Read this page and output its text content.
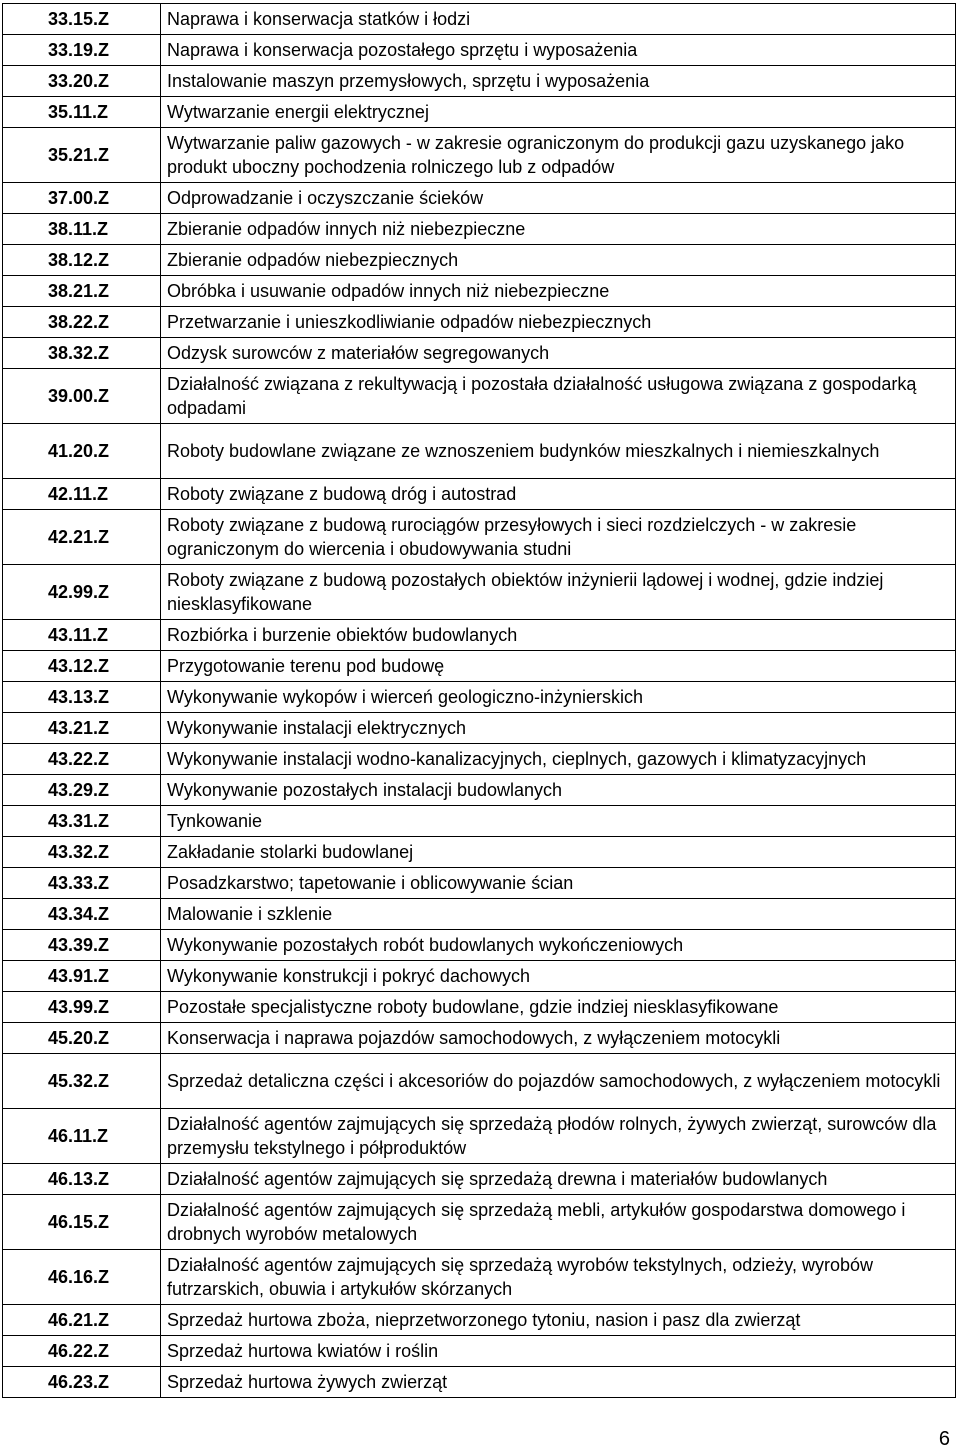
33.15.Z	Naprawa i konserwacja statków i łodzi
33.19.Z	Naprawa i konserwacja pozostałego sprzętu i wyposażenia
33.20.Z	Instalowanie maszyn przemysłowych, sprzętu i wyposażenia
35.11.Z	Wytwarzanie energii elektrycznej
35.21.Z	Wytwarzanie paliw gazowych - w zakresie ograniczonym do produkcji gazu uzyskanego jako produkt uboczny pochodzenia rolniczego lub z odpadów
37.00.Z	Odprowadzanie i oczyszczanie ścieków
38.11.Z	Zbieranie odpadów innych niż niebezpieczne
38.12.Z	Zbieranie odpadów niebezpiecznych
38.21.Z	Obróbka i usuwanie odpadów innych niż niebezpieczne
38.22.Z	Przetwarzanie i unieszkodliwianie odpadów niebezpiecznych
38.32.Z	Odzysk surowców z materiałów segregowanych
39.00.Z	Działalność związana z rekultywacją i pozostała działalność usługowa związana z gospodarką odpadami
41.20.Z	Roboty budowlane związane ze wznoszeniem budynków mieszkalnych i niemieszkalnych
42.11.Z	Roboty związane z budową dróg i autostrad
42.21.Z	Roboty związane z budową rurociągów przesyłowych i sieci rozdzielczych - w zakresie ograniczonym do wiercenia i obudowywania studni
42.99.Z	Roboty związane z budową pozostałych obiektów inżynierii lądowej i wodnej, gdzie indziej niesklasyfikowane
43.11.Z	Rozbiórka i burzenie obiektów budowlanych
43.12.Z	Przygotowanie terenu pod budowę
43.13.Z	Wykonywanie wykopów i wierceń geologiczno-inżynierskich
43.21.Z	Wykonywanie instalacji elektrycznych
43.22.Z	Wykonywanie instalacji wodno-kanalizacyjnych, cieplnych, gazowych i klimatyzacyjnych
43.29.Z	Wykonywanie pozostałych instalacji budowlanych
43.31.Z	Tynkowanie
43.32.Z	Zakładanie stolarki budowlanej
43.33.Z	Posadzkarstwo; tapetowanie i oblicowywanie ścian
43.34.Z	Malowanie i szklenie
43.39.Z	Wykonywanie pozostałych robót budowlanych wykończeniowych
43.91.Z	Wykonywanie konstrukcji i pokryć dachowych
43.99.Z	Pozostałe specjalistyczne roboty budowlane, gdzie indziej niesklasyfikowane
45.20.Z	Konserwacja i naprawa pojazdów samochodowych, z wyłączeniem motocykli
45.32.Z	Sprzedaż detaliczna części i akcesoriów do pojazdów samochodowych, z wyłączeniem motocykli
46.11.Z	Działalność agentów zajmujących się sprzedażą płodów rolnych, żywych zwierząt, surowców dla przemysłu tekstylnego i półproduktów
46.13.Z	Działalność agentów zajmujących się sprzedażą drewna i materiałów budowlanych
46.15.Z	Działalność agentów zajmujących się sprzedażą mebli, artykułów gospodarstwa domowego i drobnych wyrobów metalowych
46.16.Z	Działalność agentów zajmujących się sprzedażą wyrobów tekstylnych, odzieży, wyrobów futrzarskich, obuwia i artykułów skórzanych
46.21.Z	Sprzedaż hurtowa zboża, nieprzetworzonego tytoniu, nasion i pasz dla zwierząt
46.22.Z	Sprzedaż hurtowa kwiatów i roślin
46.23.Z	Sprzedaż hurtowa żywych zwierząt
6
